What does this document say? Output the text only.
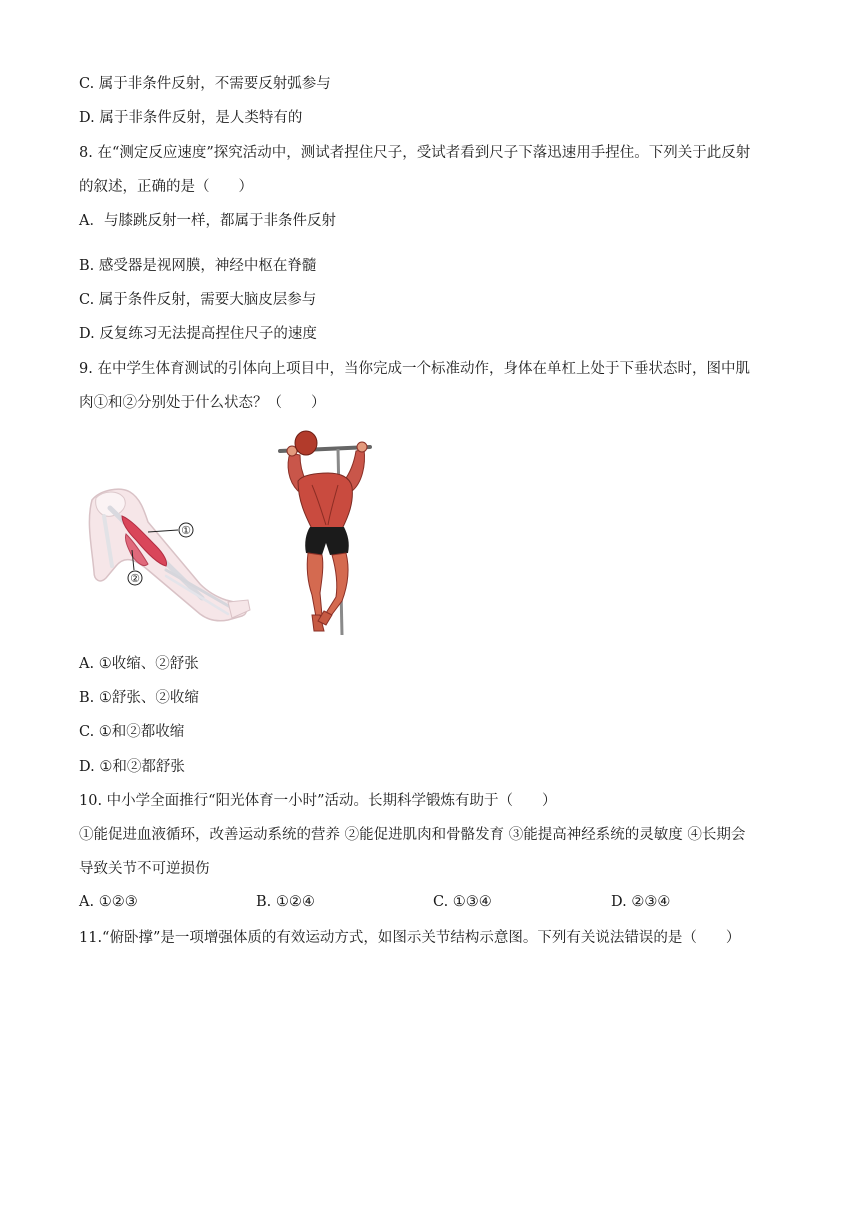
C. 属于非条件反射，不需要反射弧参与
D. 属于非条件反射，是人类特有的
8. 在“测定反应速度”探究活动中，测试者捏住尺子，受试者看到尺子下落迅速用手捏住。下列关于此反射
的叙述，正确的是（　　）
A．与膝跳反射一样，都属于非条件反射
B. 感受器是视网膜，神经中枢在脊髓
C. 属于条件反射，需要大脑皮层参与
D. 反复练习无法提高捏住尺子的速度
9. 在中学生体育测试的引体向上项目中，当你完成一个标准动作，身体在单杠上处于下垂状态时，图中肌
肉①和②分别处于什么状态？（　　）
①
②
A. ①收缩、②舒张
B. ①舒张、②收缩
C. ①和②都收缩
D. ①和②都舒张
10. 中小学全面推行“阳光体育一小时”活动。长期科学锻炼有助于（　　）
①能促进血液循环，改善运动系统的营养 ②能促进肌肉和骨骼发育 ③能提高神经系统的灵敏度 ④长期会
导致关节不可逆损伤
A. ①②③	B. ①②④	C. ①③④	D. ②③④
11.“俯卧撑”是一项增强体质的有效运动方式，如图示关节结构示意图。下列有关说法错误的是（　　）
